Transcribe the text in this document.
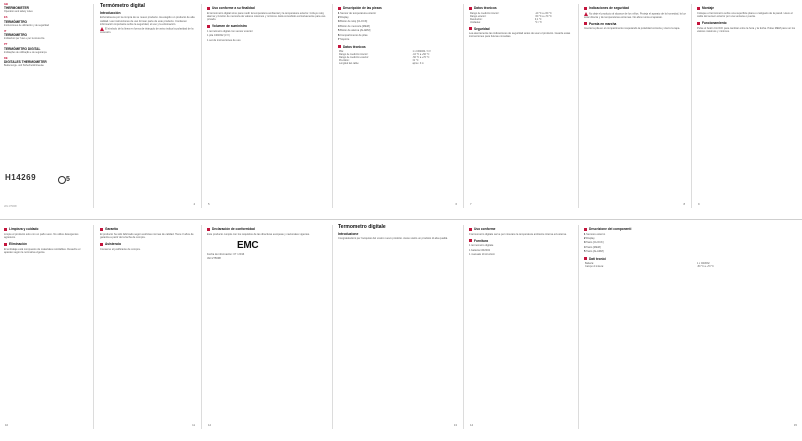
GB
THERMOMETER
Operation and safety notes
ES
TERMÓMETRO
Instrucciones de utilización y de seguridad
IT
TERMOMETRO
Indicazioni per l'uso e per la sicurezza
PT
TERMÓMETRO DIGITAL
Indicações de utilização e de segurança
DE
DIGITALES THERMOMETER
Bedienungs- und Sicherheitshinweise
H14269	5
IAN 275698
Termómetro digital
Introducción
Enhorabuena por la compra de su nuevo producto. Ha elegido un producto de alta calidad. Las instrucciones de uso forman parte de este producto. Contienen información importante sobre la seguridad, el uso y la eliminación.
El símbolo de la línea en forma de triángulo de aviso indica la polaridad de la conexión.
4
Uso conforme a su finalidad
El termómetro digital sirve para medir la temperatura ambiental y la temperatura exterior. Incluye reloj, alarma y función de memoria de valores máximos y mínimos. Está concebido exclusivamente para uso privado.
Volumen de suministro
1 termómetro digital con sensor exterior
1 pila CR2032 (3 V)
1 set de instrucciones de uso
5
Descripción de las piezas
1 Sensor de temperatura exterior
2 Display
3 Botón de reloj [CLOCK]
4 Botón de memoria [MEM]
5 Botón de alarma [ALARM]
6 Compartimento de pilas
7 Soporte
Datos técnicos
Pila:	1 x CR2032 / 3 V
Rango de medición interior:	-10 °C a +50 °C
Rango de medición exterior:	-50 °C a +70 °C
Precisión:	±1 °C
Longitud del cable:	aprox. 3 m
6
Datos técnicos
Rango de medición interior:	-10 °C a +50 °C
Rango exterior:	-50 °C a +70 °C
Resolución:	0,1 °C
Unidades:	°C / °F
Seguridad
Lea atentamente las indicaciones de seguridad antes de usar el producto. Guarde estas instrucciones para futuras consultas.
7
Indicaciones de seguridad
No deje el producto al alcance de los niños. Proteja el aparato de la humedad, la luz solar directa y de temperaturas extremas. No abra nunca el aparato.
Puesta en marcha
Inserte la pila en el compartimento respetando la polaridad correcta y cierre la tapa.
8
Montaje
Coloque el termómetro sobre una superficie plana o cuélguelo de la pared. Lleve el cable del sensor exterior por una ventana o puerta.
Funcionamiento
Pulse el botón CLOCK para cambiar entre la hora y la fecha. Pulse MEM para ver los valores máximos y mínimos.
9
Limpieza y cuidado
Limpie el producto solo con un paño seco. No utilice detergentes agresivos.
Eliminación
El embalaje está compuesto de materiales reciclables. Deseche el aparato según la normativa vigente.
10
Garantía
El producto ha sido fabricado según estrictas normas de calidad. Tiene 3 años de garantía a partir de la fecha de compra.
Asistencia
Conserve el justificante de compra.
11
Declaración de conformidad
Este producto cumple con los requisitos de las directivas europeas y nacionales vigentes.
EMC
Fecha de información: 07 / 2016
IAN 275698
12
Termometro digitale
Introduzione
Congratulazioni per l'acquisto del vostro nuovo prodotto. Avete scelto un prodotto di alta qualità.
13
Uso conforme
Il termometro digitale serve per misurare la temperatura ambiente interna ed esterna.
Fornitura
1 termometro digitale
1 batteria CR2032
1 manuale di istruzioni
14
Descrizione dei componenti
1 Sensore esterno
2 Display
3 Tasto [CLOCK]
4 Tasto [MEM]
5 Tasto [ALARM]
Dati tecnici
Batteria:	1 x CR2032
Campo di misura:	-50 °C a +70 °C
15
